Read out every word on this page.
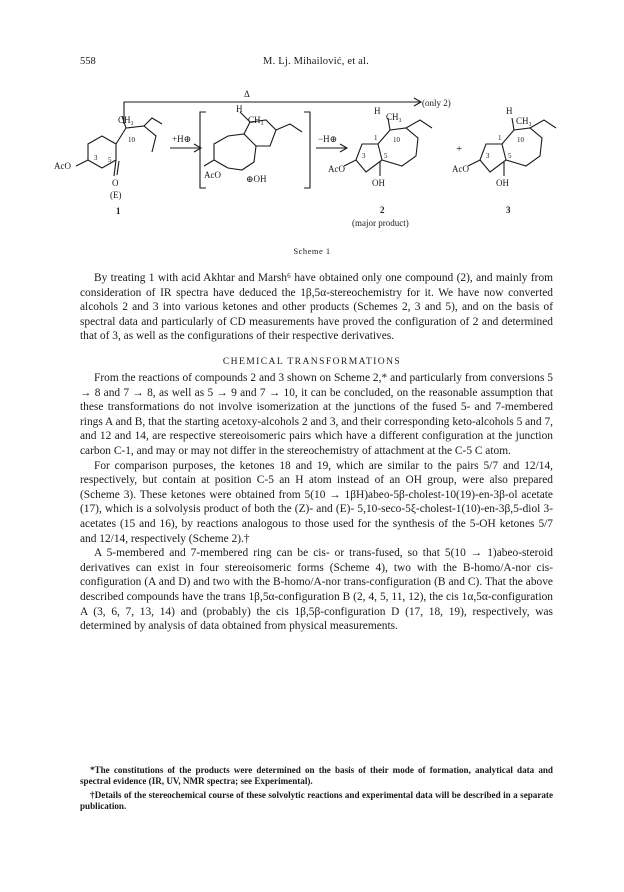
558	M. Lj. Mihailović, et al.
Δ
(only 2)
+H⊕	−H⊕
+
AcO
O
CH₃
(E)
1
3 5
10
AcO	⊕OH
H
CH₃
AcO
OH
H
CH₃
1 10
3	5
2
(major product)
AcO
OH
H
CH₃
1 10
3	5
3
Scheme 1

By treating 1 with acid Akhtar and Marsh⁶ have obtained only one compound (2), and mainly from consideration of IR spectra have deduced the 1β,5α-stereochemistry for it. We have now converted alcohols 2 and 3 into various ketones and other products (Schemes 2, 3 and 5), and on the basis of spectral data and particularly of CD measurements have proved the configuration of 2 and determined that of 3, as well as the configurations of their respective derivatives.

CHEMICAL TRANSFORMATIONS

From the reactions of compounds 2 and 3 shown on Scheme 2,* and particularly from conversions 5 → 8 and 7 → 8, as well as 5 → 9 and 7 → 10, it can be concluded, on the reasonable assumption that these transformations do not involve isomerization at the junctions of the fused 5- and 7-membered rings A and B, that the starting acetoxy-alcohols 2 and 3, and their corresponding keto-alcohols 5 and 7, and 12 and 14, are respective stereoisomeric pairs which have a different configuration at the junction carbon C-1, and may or may not differ in the stereochemistry of attachment at the C-5 C atom.

For comparison purposes, the ketones 18 and 19, which are similar to the pairs 5/7 and 12/14, respectively, but contain at position C-5 an H atom instead of an OH group, were also prepared (Scheme 3). These ketones were obtained from 5(10 → 1βH)abeo-5β-cholest-10(19)-en-3β-ol acetate (17), which is a solvolysis product of both the (Z)- and (E)- 5,10-seco-5ξ-cholest-1(10)-en-3β,5-diol 3-acetates (15 and 16), by reactions analogous to those used for the synthesis of the 5-OH ketones 5/7 and 12/14, respectively (Scheme 2).†

A 5-membered and 7-membered ring can be cis- or trans-fused, so that 5(10 → 1)abeo-steroid derivatives can exist in four stereoisomeric forms (Scheme 4), two with the B-homo/A-nor cis-configuration (A and D) and two with the B-homo/A-nor trans-configuration (B and C). That the above described compounds have the trans 1β,5α-configuration B (2, 4, 5, 11, 12), the cis 1α,5α-configuration A (3, 6, 7, 13, 14) and (probably) the cis 1β,5β-configuration D (17, 18, 19), respectively, was determined by analysis of data obtained from physical measurements.

*The constitutions of the products were determined on the basis of their mode of formation, analytical data and spectral evidence (IR, UV, NMR spectra; see Experimental).

†Details of the stereochemical course of these solvolytic reactions and experimental data will be described in a separate publication.
